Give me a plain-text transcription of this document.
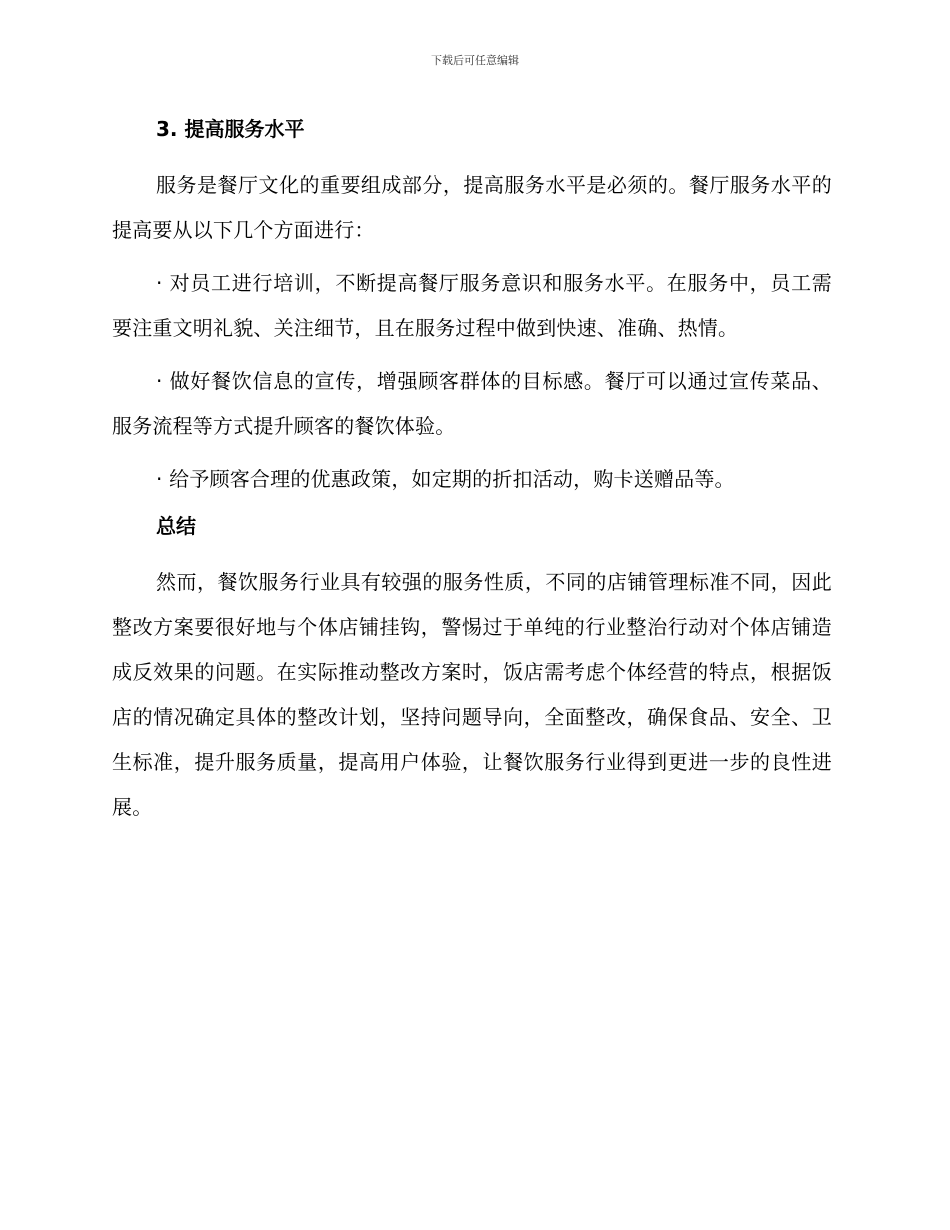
下载后可任意编辑
3. 提高服务水平

服务是餐厅文化的重要组成部分，提高服务水平是必须的。餐厅服务水平的提高要从以下几个方面进行：

· 对员工进行培训，不断提高餐厅服务意识和服务水平。在服务中，员工需要注重文明礼貌、关注细节，且在服务过程中做到快速、准确、热情。

· 做好餐饮信息的宣传，增强顾客群体的目标感。餐厅可以通过宣传菜品、服务流程等方式提升顾客的餐饮体验。

· 给予顾客合理的优惠政策，如定期的折扣活动，购卡送赠品等。

总结

然而，餐饮服务行业具有较强的服务性质，不同的店铺管理标准不同，因此整改方案要很好地与个体店铺挂钩，警惕过于单纯的行业整治行动对个体店铺造成反效果的问题。在实际推动整改方案时，饭店需考虑个体经营的特点，根据饭店的情况确定具体的整改计划，坚持问题导向，全面整改，确保食品、安全、卫生标准，提升服务质量，提高用户体验，让餐饮服务行业得到更进一步的良性进展。
